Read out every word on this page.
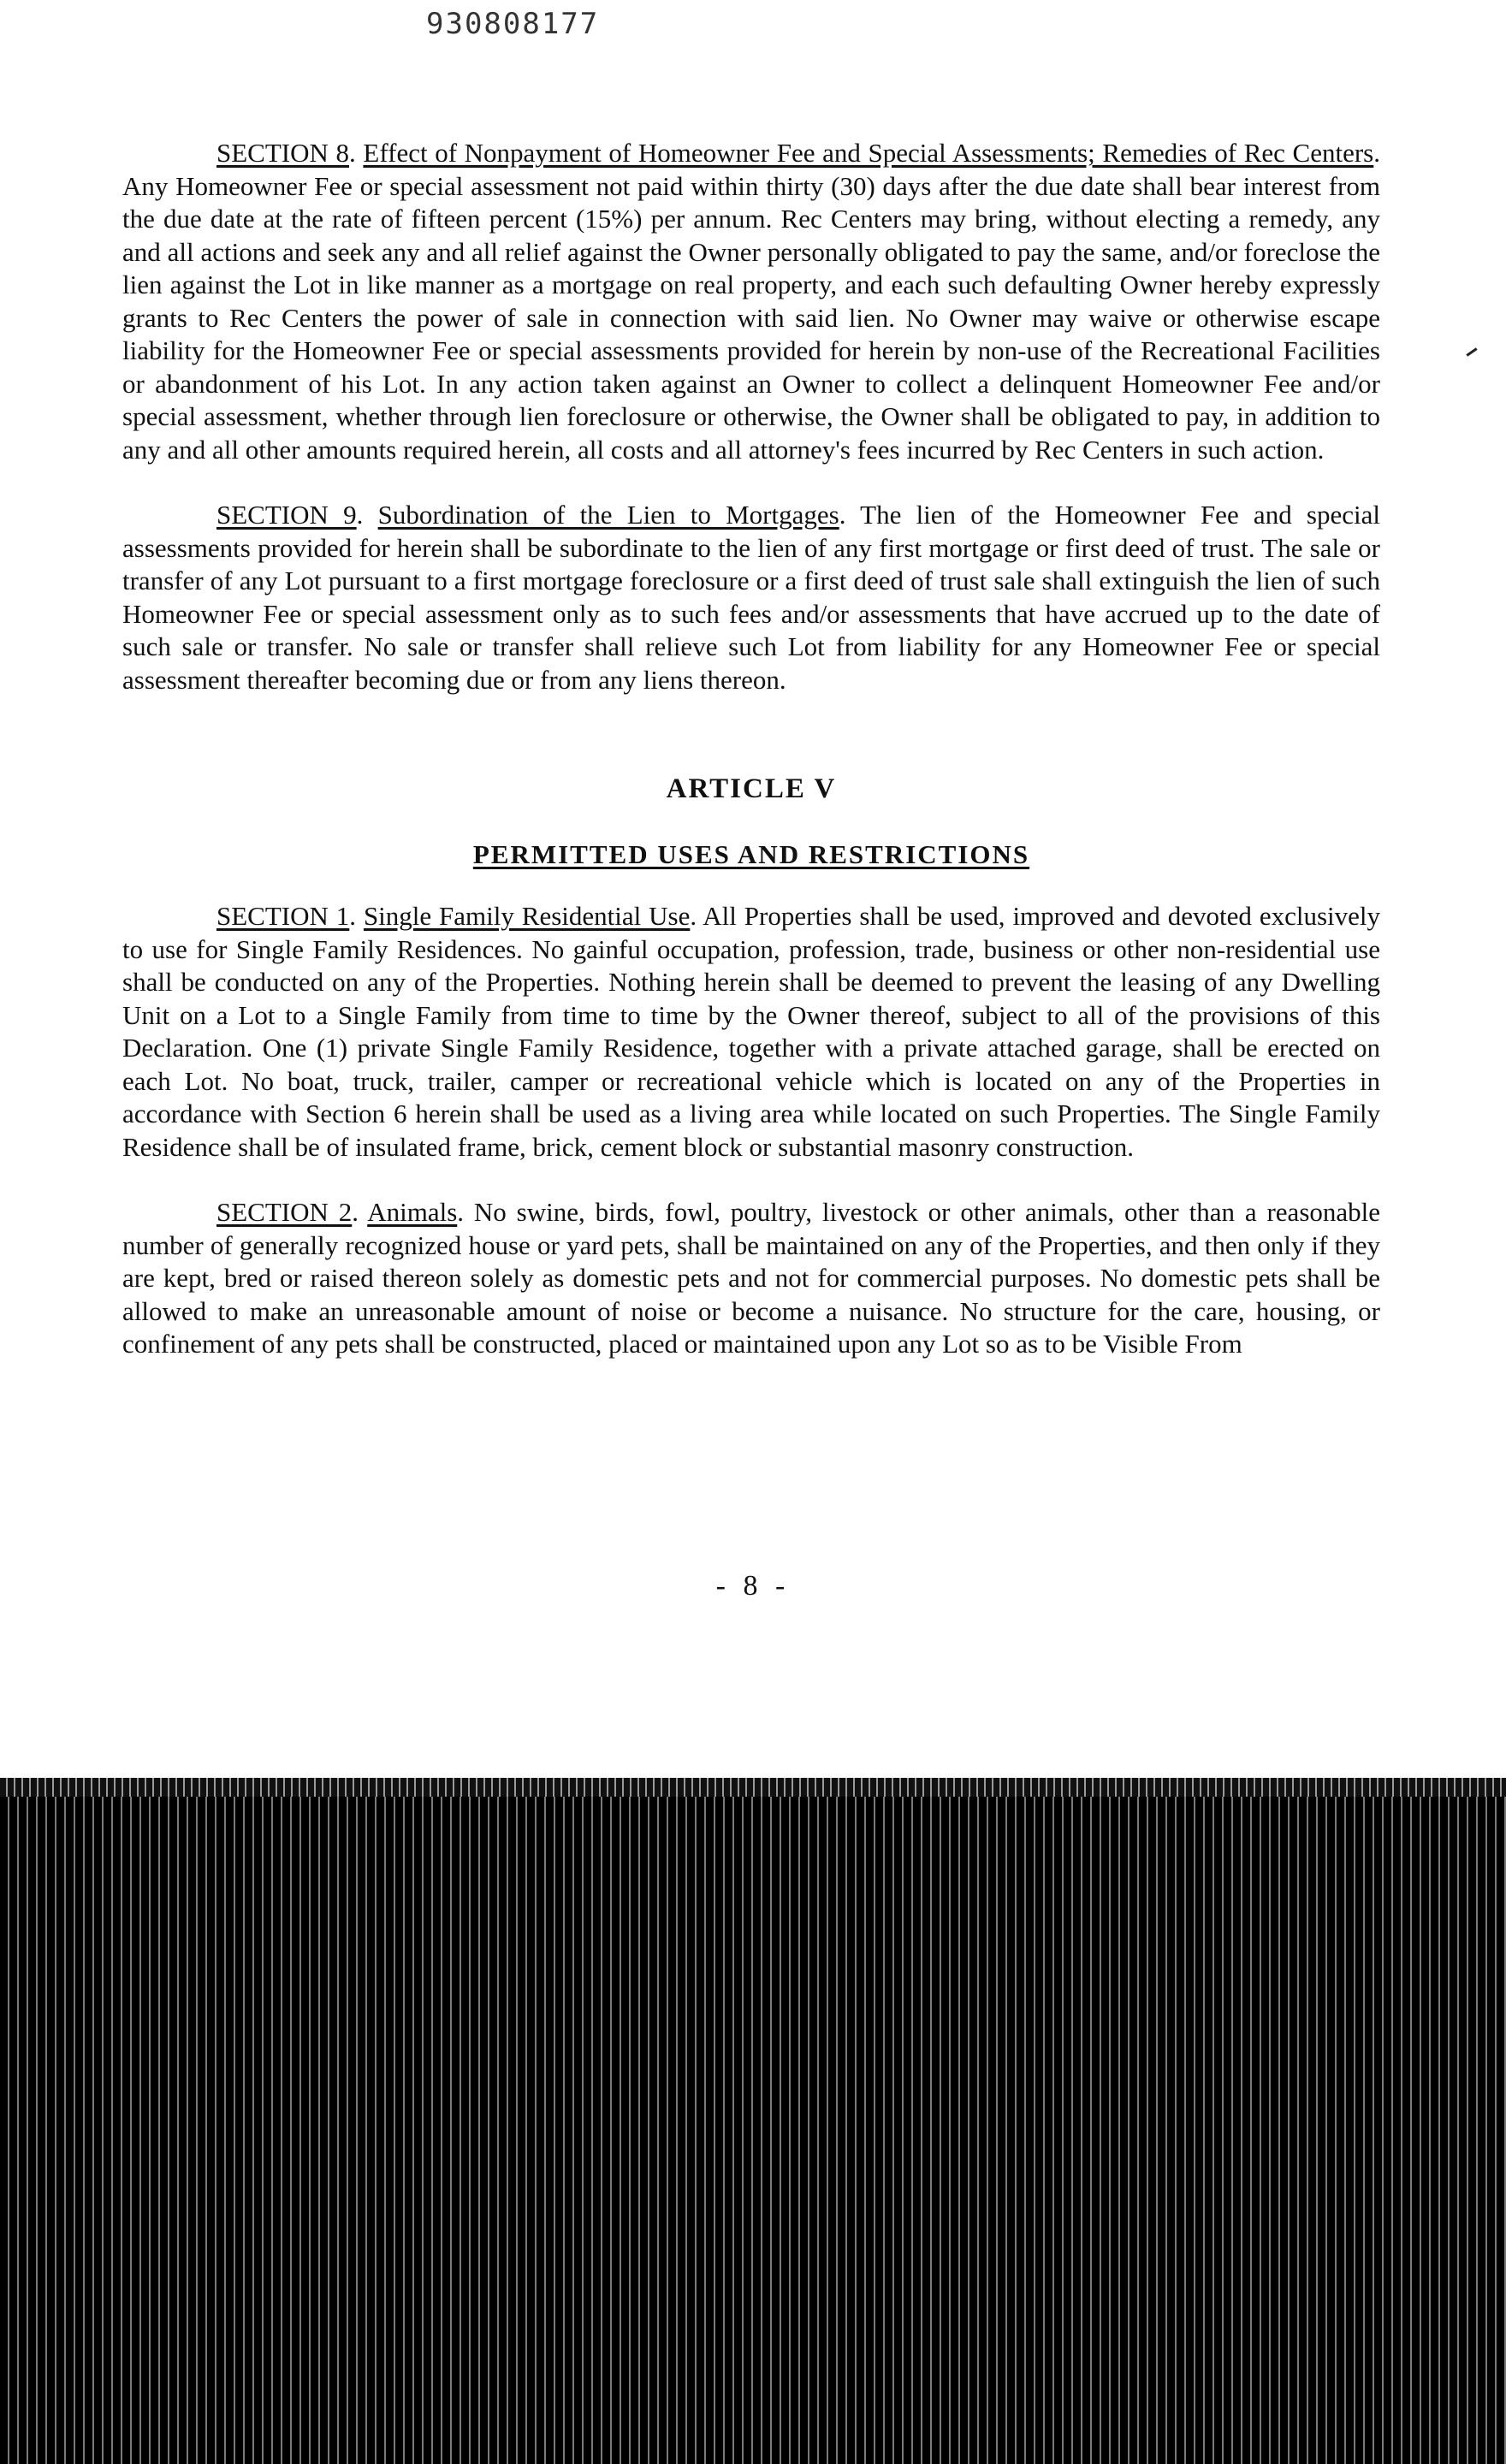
930808177

SECTION 8. Effect of Nonpayment of Homeowner Fee and Special Assessments; Remedies of Rec Centers. Any Homeowner Fee or special assessment not paid within thirty (30) days after the due date shall bear interest from the due date at the rate of fifteen percent (15%) per annum. Rec Centers may bring, without electing a remedy, any and all actions and seek any and all relief against the Owner personally obligated to pay the same, and/or foreclose the lien against the Lot in like manner as a mortgage on real property, and each such defaulting Owner hereby expressly grants to Rec Centers the power of sale in connection with said lien. No Owner may waive or otherwise escape liability for the Homeowner Fee or special assessments provided for herein by non-use of the Recreational Facilities or abandonment of his Lot. In any action taken against an Owner to collect a delinquent Homeowner Fee and/or special assessment, whether through lien foreclosure or otherwise, the Owner shall be obligated to pay, in addition to any and all other amounts required herein, all costs and all attorney's fees incurred by Rec Centers in such action.

SECTION 9. Subordination of the Lien to Mortgages. The lien of the Homeowner Fee and special assessments provided for herein shall be subordinate to the lien of any first mortgage or first deed of trust. The sale or transfer of any Lot pursuant to a first mortgage foreclosure or a first deed of trust sale shall extinguish the lien of such Homeowner Fee or special assessment only as to such fees and/or assessments that have accrued up to the date of such sale or transfer. No sale or transfer shall relieve such Lot from liability for any Homeowner Fee or special assessment thereafter becoming due or from any liens thereon.

ARTICLE V
PERMITTED USES AND RESTRICTIONS

SECTION 1. Single Family Residential Use. All Properties shall be used, improved and devoted exclusively to use for Single Family Residences. No gainful occupation, profession, trade, business or other non-residential use shall be conducted on any of the Properties. Nothing herein shall be deemed to prevent the leasing of any Dwelling Unit on a Lot to a Single Family from time to time by the Owner thereof, subject to all of the provisions of this Declaration. One (1) private Single Family Residence, together with a private attached garage, shall be erected on each Lot. No boat, truck, trailer, camper or recreational vehicle which is located on any of the Properties in accordance with Section 6 herein shall be used as a living area while located on such Properties. The Single Family Residence shall be of insulated frame, brick, cement block or substantial masonry construction.

SECTION 2. Animals. No swine, birds, fowl, poultry, livestock or other animals, other than a reasonable number of generally recognized house or yard pets, shall be maintained on any of the Properties, and then only if they are kept, bred or raised thereon solely as domestic pets and not for commercial purposes. No domestic pets shall be allowed to make an unreasonable amount of noise or become a nuisance. No structure for the care, housing, or confinement of any pets shall be constructed, placed or maintained upon any Lot so as to be Visible From

- 8 -
